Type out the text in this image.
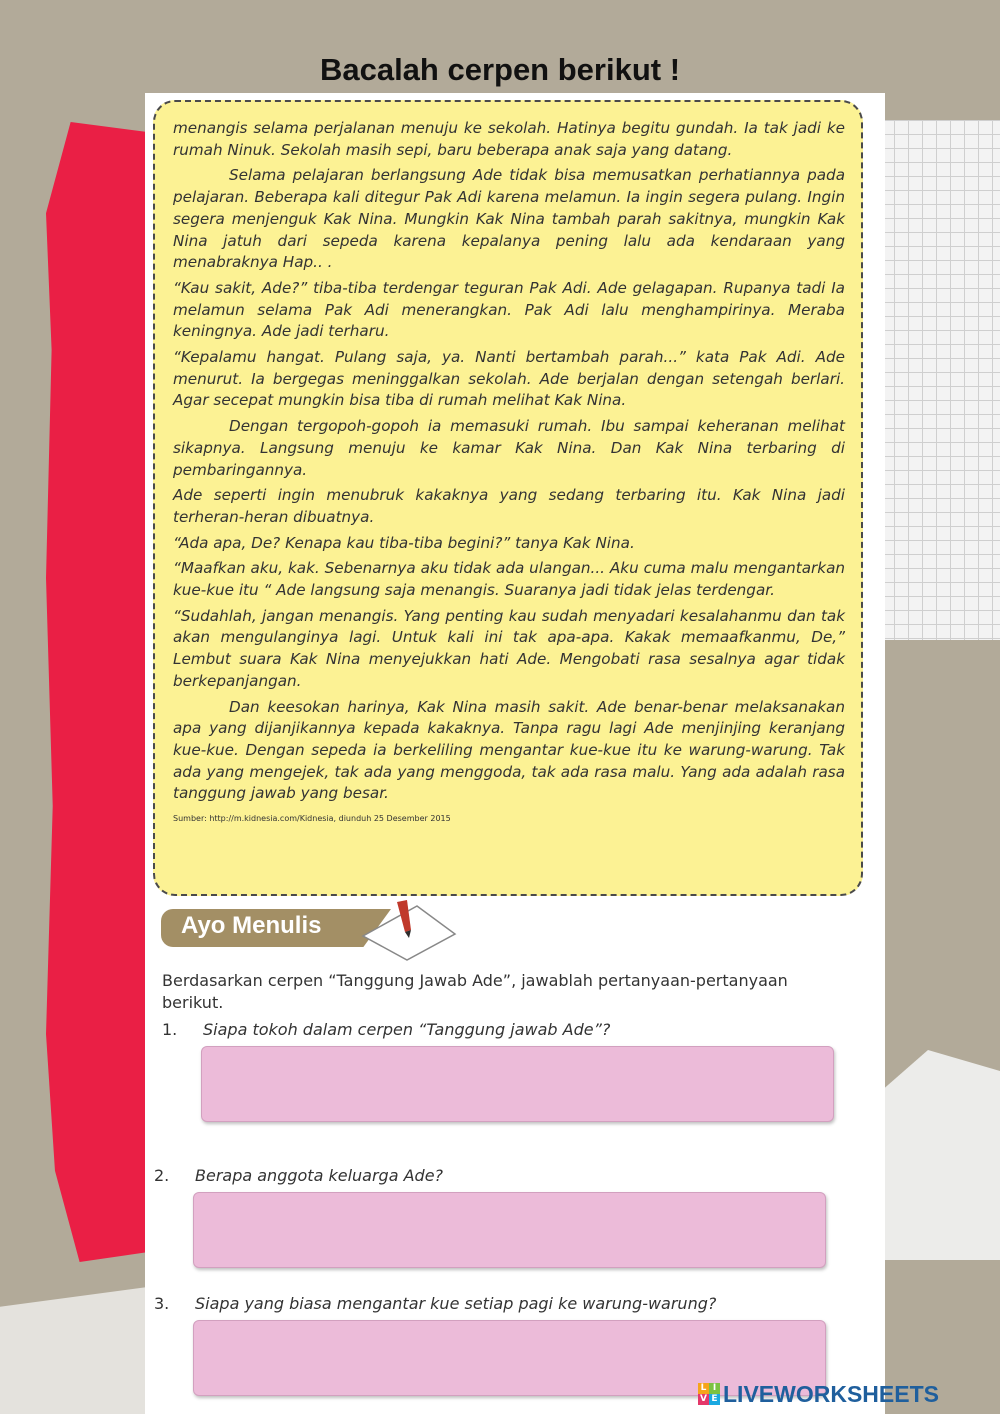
Bacalah cerpen berikut !

menangis selama perjalanan menuju ke sekolah. Hatinya begitu gundah. Ia tak jadi ke rumah Ninuk. Sekolah masih sepi, baru beberapa anak saja yang datang.

Selama pelajaran berlangsung Ade tidak bisa memusatkan perhatiannya pada pelajaran. Beberapa kali ditegur Pak Adi karena melamun. Ia ingin segera pulang. Ingin segera menjenguk Kak Nina. Mungkin Kak Nina tambah parah sakitnya, mungkin Kak Nina jatuh dari sepeda karena kepalanya pening lalu ada kendaraan yang menabraknya Hap.. .

“Kau sakit, Ade?” tiba-tiba terdengar teguran Pak Adi. Ade gelagapan. Rupanya tadi Ia melamun selama Pak Adi menerangkan. Pak Adi lalu menghampirinya. Meraba keningnya. Ade jadi terharu.

“Kepalamu hangat. Pulang saja, ya. Nanti bertambah parah...” kata Pak Adi. Ade menurut. Ia bergegas meninggalkan sekolah. Ade berjalan dengan setengah berlari. Agar secepat mungkin bisa tiba di rumah melihat Kak Nina.

Dengan tergopoh-gopoh ia memasuki rumah. Ibu sampai keheranan melihat sikapnya. Langsung menuju ke kamar Kak Nina. Dan Kak Nina terbaring di pembaringannya.

Ade seperti ingin menubruk kakaknya yang sedang terbaring itu. Kak Nina jadi terheran-heran dibuatnya.

“Ada apa, De? Kenapa kau tiba-tiba begini?” tanya Kak Nina.

“Maafkan aku, kak. Sebenarnya aku tidak ada ulangan... Aku cuma malu mengantarkan kue-kue itu “ Ade langsung saja menangis. Suaranya jadi tidak jelas terdengar.

“Sudahlah, jangan menangis. Yang penting kau sudah menyadari kesalahanmu dan tak akan mengulanginya lagi. Untuk kali ini tak apa-apa. Kakak memaafkanmu, De,” Lembut suara Kak Nina menyejukkan hati Ade. Mengobati rasa sesalnya agar tidak berkepanjangan.

Dan keesokan harinya, Kak Nina masih sakit. Ade benar-benar melaksanakan apa yang dijanjikannya kepada kakaknya. Tanpa ragu lagi Ade menjinjing keranjang kue-kue. Dengan sepeda ia berkeliling mengantar kue-kue itu ke warung-warung. Tak ada yang mengejek, tak ada yang menggoda, tak ada rasa malu. Yang ada adalah rasa tanggung jawab yang besar.

Sumber: http://m.kidnesia.com/Kidnesia, diunduh 25 Desember 2015

Ayo Menulis

Berdasarkan cerpen “Tanggung Jawab Ade”, jawablah pertanyaan-pertanyaan berikut.

1. Siapa tokoh dalam cerpen “Tanggung jawab Ade”?
2. Berapa anggota keluarga Ade?
3. Siapa yang biasa mengantar kue setiap pagi ke warung-warung?
L I
V E LIVEWORKSHEETS
